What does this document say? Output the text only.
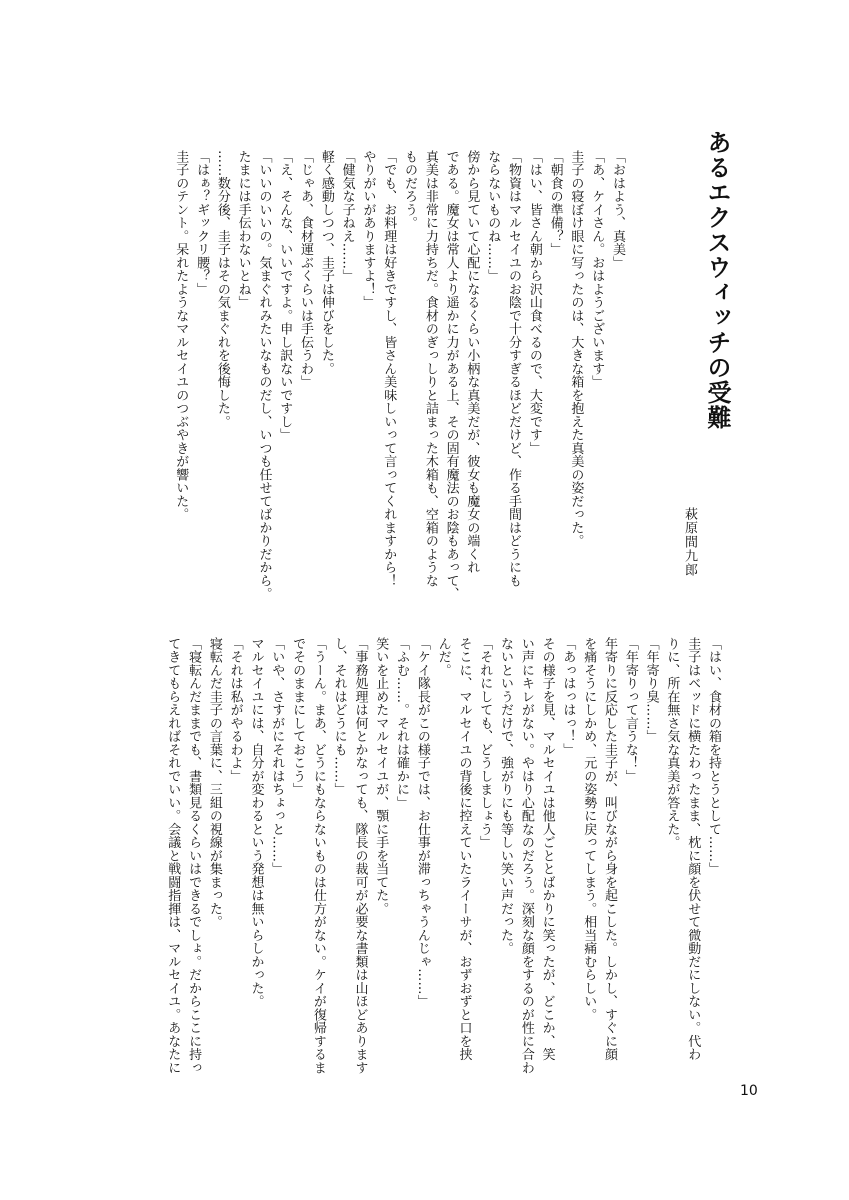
あるエクスウィッチの受難
萩原間九郎
「おはよう、真美」
「あ、ケイさん。おはようございます」
圭子の寝ぼけ眼に写ったのは、大きな箱を抱えた真美の姿だった。
「朝食の準備？」
「はい、皆さん朝から沢山食べるので、大変です」
「物資はマルセイユのお陰で十分すぎるほどだけど、作る手間はどうにも
ならないものね……」
傍から見ていて心配になるくらい小柄な真美だが、彼女も魔女の端くれ
である。魔女は常人より遥かに力がある上、その固有魔法のお陰もあって、
真美は非常に力持ちだ。食材のぎっしりと詰まった木箱も、空箱のような
ものだろう。
「でも、お料理は好きですし、皆さん美味しいって言ってくれますから！
やりがいがありますよ！」
「健気な子ねえ……」
軽く感動しつつ、圭子は伸びをした。
「じゃあ、食材運ぶくらいは手伝うわ」
「え、そんな、いいですよ。申し訳ないですし」
「いいのいいの。気まぐれみたいなものだし、いつも任せてばかりだから。
たまには手伝わないとね」
……数分後、圭子はその気まぐれを後悔した。
「はぁ？ギックリ腰？」
圭子のテント。呆れたようなマルセイユのつぶやきが響いた。
「はい、食材の箱を持とうとして……」
圭子はベッドに横たわったまま、枕に顔を伏せて微動だにしない。代わ
りに、所在無さ気な真美が答えた。
「年寄り臭……」
「年寄りって言うな！」
年寄りに反応した圭子が、叫びながら身を起こした。しかし、すぐに顔
を痛そうにしかめ、元の姿勢に戻ってしまう。相当痛むらしい。
「あっはっはっ！」
その様子を見、マルセイユは他人ごととばかりに笑ったが、どこか、笑
い声にキレがない。やはり心配なのだろう。深刻な顔をするのが性に合わ
ないというだけで、強がりにも等しい笑い声だった。
「それにしても、どうしましょう」
そこに、マルセイユの背後に控えていたライーサが、おずおずと口を挟
んだ。
「ケイ隊長がこの様子では、お仕事が滞っちゃうんじゃ……」
「ふむ……。それは確かに」
笑いを止めたマルセイユが、顎に手を当てた。
「事務処理は何とかなっても、隊長の裁可が必要な書類は山ほどあります
し、それはどうにも……」
「うーん。まあ、どうにもならないものは仕方がない。ケイが復帰するま
でそのままにしておこう」
「いや、さすがにそれはちょっと……」
マルセイユには、自分が変わるという発想は無いらしかった。
「それは私がやるわよ」
寝転んだ圭子の言葉に、三組の視線が集まった。
「寝転んだままでも、書類見るくらいはできるでしょ。だからここに持っ
てきてもらえればそれでいい。会議と戦闘指揮は、マルセイユ。あなたに
10
